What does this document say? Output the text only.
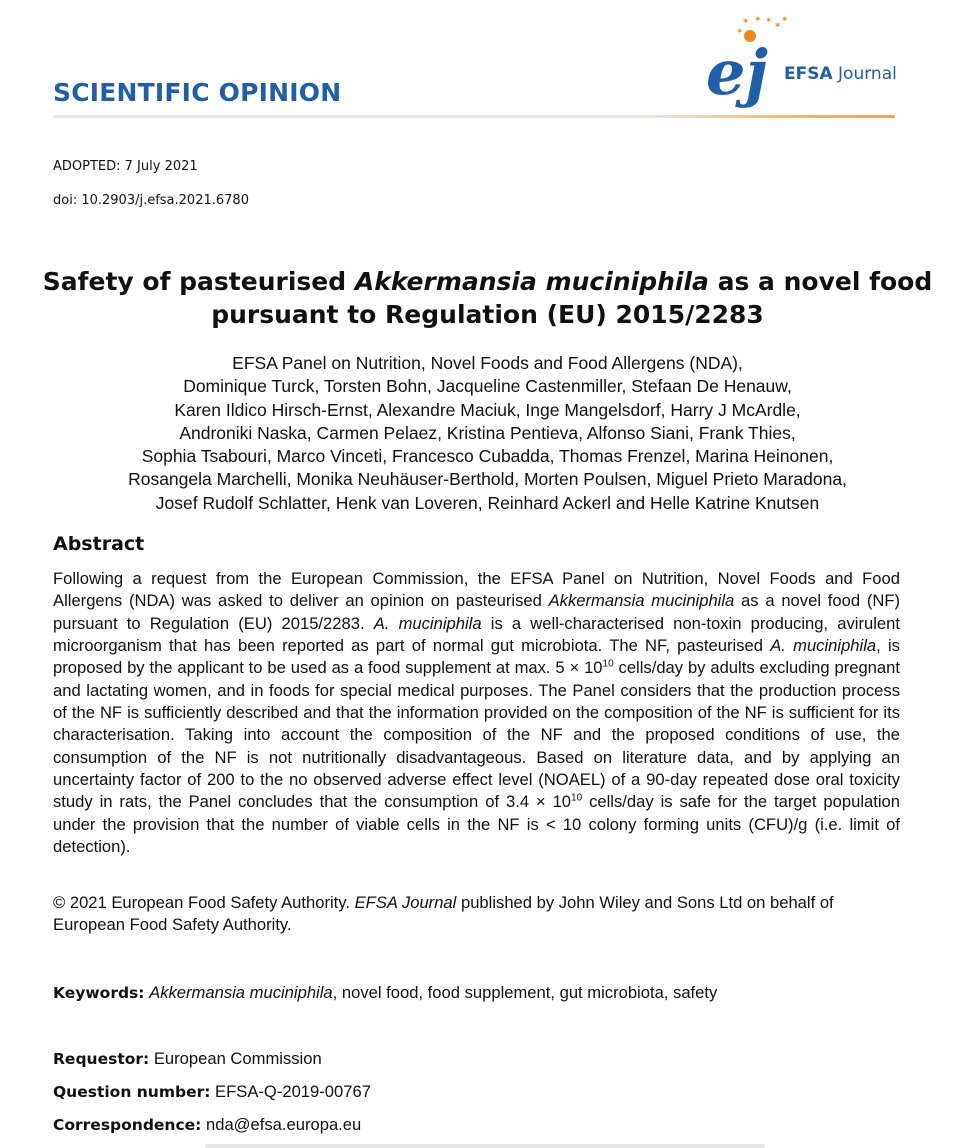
SCIENTIFIC OPINION
✶
✶ ✶ ✶ ✶
✶
ej EFSA Journal
ADOPTED: 7 July 2021
doi: 10.2903/j.efsa.2021.6780
Safety of pasteurised Akkermansia muciniphila as a novel food pursuant to Regulation (EU) 2015/2283
EFSA Panel on Nutrition, Novel Foods and Food Allergens (NDA),
Dominique Turck, Torsten Bohn, Jacqueline Castenmiller, Stefaan De Henauw,
Karen Ildico Hirsch-Ernst, Alexandre Maciuk, Inge Mangelsdorf, Harry J McArdle,
Androniki Naska, Carmen Pelaez, Kristina Pentieva, Alfonso Siani, Frank Thies,
Sophia Tsabouri, Marco Vinceti, Francesco Cubadda, Thomas Frenzel, Marina Heinonen,
Rosangela Marchelli, Monika Neuhäuser-Berthold, Morten Poulsen, Miguel Prieto Maradona,
Josef Rudolf Schlatter, Henk van Loveren, Reinhard Ackerl and Helle Katrine Knutsen
Abstract

Following a request from the European Commission, the EFSA Panel on Nutrition, Novel Foods and Food Allergens (NDA) was asked to deliver an opinion on pasteurised Akkermansia muciniphila as a novel food (NF) pursuant to Regulation (EU) 2015/2283. A. muciniphila is a well-characterised non-toxin producing, avirulent microorganism that has been reported as part of normal gut microbiota. The NF, pasteurised A. muciniphila, is proposed by the applicant to be used as a food supplement at max. $5 \times 10^{10}$ cells/day by adults excluding pregnant and lactating women, and in foods for special medical purposes. The Panel considers that the production process of the NF is sufficiently described and that the information provided on the composition of the NF is sufficient for its characterisation. Taking into account the composition of the NF and the proposed conditions of use, the consumption of the NF is not nutritionally disadvantageous. Based on literature data, and by applying an uncertainty factor of 200 to the no observed adverse effect level (NOAEL) of a 90-day repeated dose oral toxicity study in rats, the Panel concludes that the consumption of $3.4 \times 10^{10}$ cells/day is safe for the target population under the provision that the number of viable cells in the NF is < 10 colony forming units (CFU)/g (i.e. limit of detection).

© 2021 European Food Safety Authority. EFSA Journal published by John Wiley and Sons Ltd on behalf of European Food Safety Authority.

Keywords: Akkermansia muciniphila, novel food, food supplement, gut microbiota, safety
Requestor: European Commission
Question number: EFSA-Q-2019-00767
Correspondence: nda@efsa.europa.eu
